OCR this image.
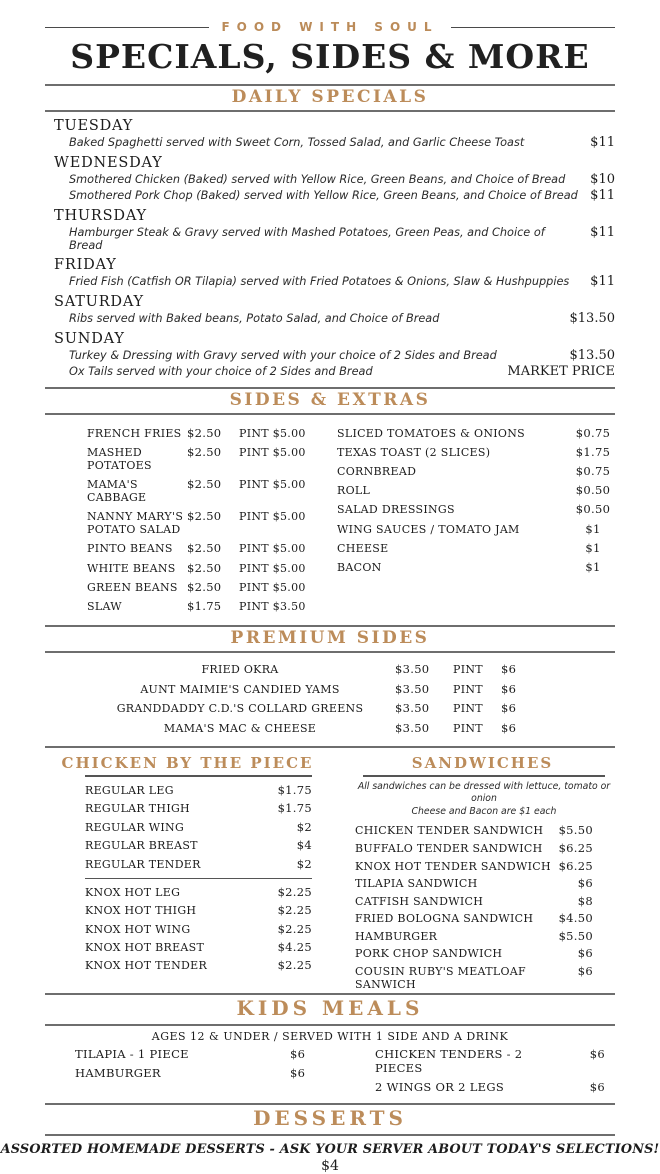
FOOD WITH SOUL
SPECIALS, SIDES & MORE
DAILY SPECIALS
TUESDAY
Baked Spaghetti served with Sweet Corn, Tossed Salad, and Garlic Cheese Toast	$11
WEDNESDAY
Smothered Chicken (Baked) served with Yellow Rice, Green Beans, and Choice of Bread	$10
Smothered Pork Chop (Baked) served with Yellow Rice, Green Beans, and Choice of Bread $11
THURSDAY
Hamburger Steak & Gravy served with Mashed Potatoes, Green Peas, and Choice of Bread
$11
FRIDAY
Fried Fish (Catfish OR Tilapia) served with Fried Potatoes & Onions, Slaw & Hushpuppies	$11
SATURDAY
Ribs served with Baked beans, Potato Salad, and Choice of Bread	$13.50
SUNDAY
Turkey & Dressing with Gravy served with your choice of 2 Sides and Bread	$13.50
Ox Tails served with your choice of 2 Sides and Bread	MARKET PRICE
SIDES & EXTRAS
FRENCH FRIES $2.50	PINT $5.00
MASHED POTATOES
$2.50	PINT $5.00
MAMA'S CABBAGE
$2.50	PINT $5.00
NANNY MARY'S POTATO SALAD
$2.50	PINT $5.00
PINTO BEANS	$2.50	PINT $5.00
WHITE BEANS $2.50	PINT $5.00
GREEN BEANS $2.50	PINT $5.00
SLAW	$1.75	PINT $3.50
SLICED TOMATOES & ONIONS	$0.75
TEXAS TOAST (2 SLICES)	$1.75
CORNBREAD	$0.75
ROLL	$0.50
SALAD DRESSINGS	$0.50
WING SAUCES / TOMATO JAM	$1
CHEESE	$1
BACON	$1
PREMIUM SIDES
FRIED OKRA	$3.50	PINT	$6
AUNT MAIMIE'S CANDIED YAMS	$3.50	PINT	$6
GRANDDADDY C.D.'S COLLARD GREENS	$3.50	PINT	$6
MAMA'S MAC & CHEESE	$3.50	PINT	$6
CHICKEN BY THE PIECE
REGULAR LEG	$1.75
REGULAR THIGH	$1.75
REGULAR WING	$2
REGULAR BREAST	$4
REGULAR TENDER	$2
KNOX HOT LEG	$2.25
KNOX HOT THIGH	$2.25
KNOX HOT WING	$2.25
KNOX HOT BREAST	$4.25
KNOX HOT TENDER	$2.25
SANDWICHES
All sandwiches can be dressed with lettuce, tomato or onion
Cheese and Bacon are $1 each
CHICKEN TENDER SANDWICH $5.50
BUFFALO TENDER SANDWICH $6.25
KNOX HOT TENDER SANDWICH $6.25
TILAPIA SANDWICH	$6
CATFISH SANDWICH	$8
FRIED BOLOGNA SANDWICH $4.50
HAMBURGER	$5.50
PORK CHOP SANDWICH	$6
COUSIN RUBY'S MEATLOAF SANWICH
$6
KIDS MEALS
AGES 12 & UNDER / SERVED WITH 1 SIDE AND A DRINK
TILAPIA - 1 PIECE	$6
HAMBURGER	$6
CHICKEN TENDERS - 2 PIECES
$6
2 WINGS OR 2 LEGS	$6
DESSERTS
ASSORTED HOMEMADE DESSERTS - ASK YOUR SERVER ABOUT TODAY'S SELECTIONS!
$4
